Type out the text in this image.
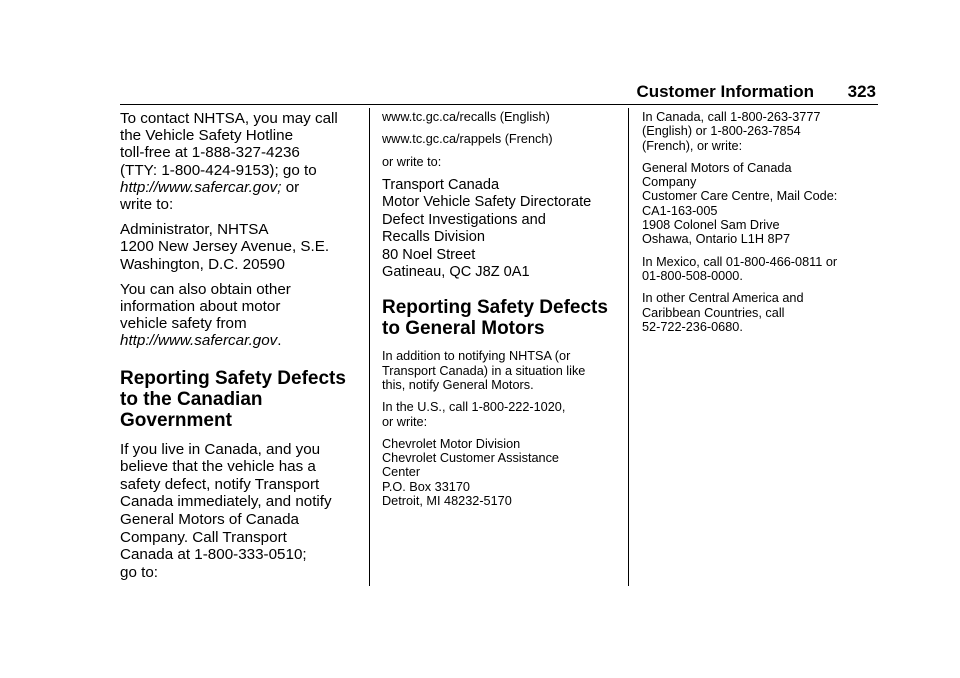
Customer Information 323

To contact NHTSA, you may call
the Vehicle Safety Hotline
toll-free at 1-888-327-4236
(TTY: 1-800-424-9153); go to
http://www.safercar.gov; or
write to:

Administrator, NHTSA
1200 New Jersey Avenue, S.E.
Washington, D.C. 20590

You can also obtain other
information about motor
vehicle safety from
http://www.safercar.gov.

Reporting Safety Defects
to the Canadian
Government

If you live in Canada, and you
believe that the vehicle has a
safety defect, notify Transport
Canada immediately, and notify
General Motors of Canada
Company. Call Transport
Canada at 1-800-333-0510;
go to:

www.tc.gc.ca/recalls (English)

www.tc.gc.ca/rappels (French)

or write to:

Transport Canada
Motor Vehicle Safety Directorate
Defect Investigations and
Recalls Division
80 Noel Street
Gatineau, QC J8Z 0A1

Reporting Safety Defects
to General Motors

In addition to notifying NHTSA (or
Transport Canada) in a situation like
this, notify General Motors.

In the U.S., call 1-800-222-1020,
or write:

Chevrolet Motor Division
Chevrolet Customer Assistance
Center
P.O. Box 33170
Detroit, MI 48232-5170

In Canada, call 1-800-263-3777
(English) or 1-800-263-7854
(French), or write:

General Motors of Canada
Company
Customer Care Centre, Mail Code:
CA1-163-005
1908 Colonel Sam Drive
Oshawa, Ontario L1H 8P7

In Mexico, call 01-800-466-0811 or
01-800-508-0000.

In other Central America and
Caribbean Countries, call
52-722-236-0680.
